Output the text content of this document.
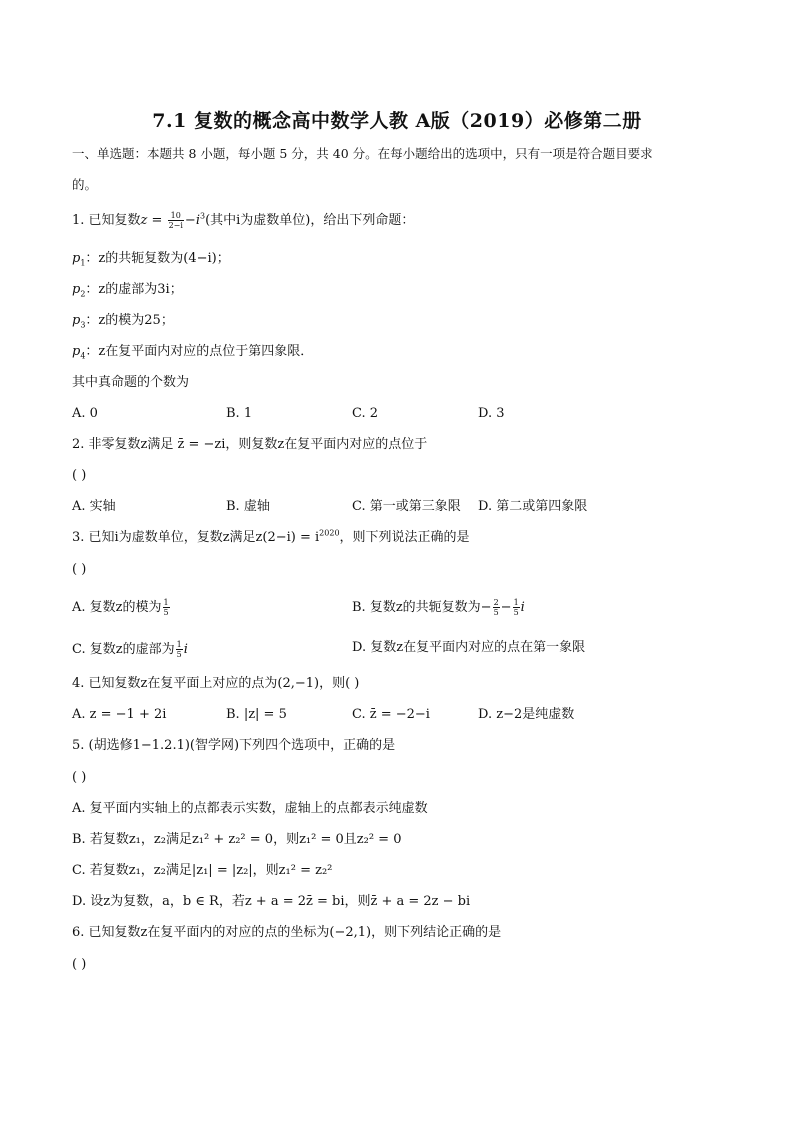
7.1 复数的概念高中数学人教 A版（2019）必修第二册
一、单选题：本题共 8 小题，每小题 5 分，共 40 分。在每小题给出的选项中，只有一项是符合题目要求
的。
1. 已知复数$z = \frac{10}{2-i} -i^3$(其中i为虚数单位)，给出下列命题：
$p_1$：z的共轭复数为(4−i)；
$p_2$：z的虚部为3i；
$p_3$：z的模为25；
$p_4$：z在复平面内对应的点位于第四象限．
其中真命题的个数为
A. 0	B. 1	C. 2	D. 3
2. 非零复数z满足 z̄ = −zi，则复数z在复平面内对应的点位于
( )
A. 实轴	B. 虚轴	C. 第一或第三象限 D. 第二或第四象限
3. 已知i为虚数单位，复数z满足$z(2-i) = i^{2020}$，则下列说法正确的是
( )
A. 复数z的模为 $\frac{1}{5}$	B. 复数z的共轭复数为− $\frac{2}{5} - \frac{1}{5}$ i
C. 复数z的虚部为 $\frac{1}{5}$ i	D. 复数z在复平面内对应的点在第一象限
4. 已知复数z在复平面上对应的点为(2,−1)，则( )
A. z = −1 + 2i	B. |z| = 5	C. z̄ = −2−i	D. z−2是纯虚数
5. (胡选修1−1.2.1)(智学网)下列四个选项中，正确的是
( )
A. 复平面内实轴上的点都表示实数，虚轴上的点都表示纯虚数
B. 若复数z₁，z₂满足z₁² + z₂² = 0，则z₁² = 0且z₂² = 0
C. 若复数z₁，z₂满足|z₁| = |z₂|，则z₁² = z₂²
D. 设z为复数，a，b ∈ R，若z + a = 2z̄ = bi，则z̄ + a = 2z − bi
6. 已知复数z在复平面内的对应的点的坐标为(−2,1)，则下列结论正确的是
( )
